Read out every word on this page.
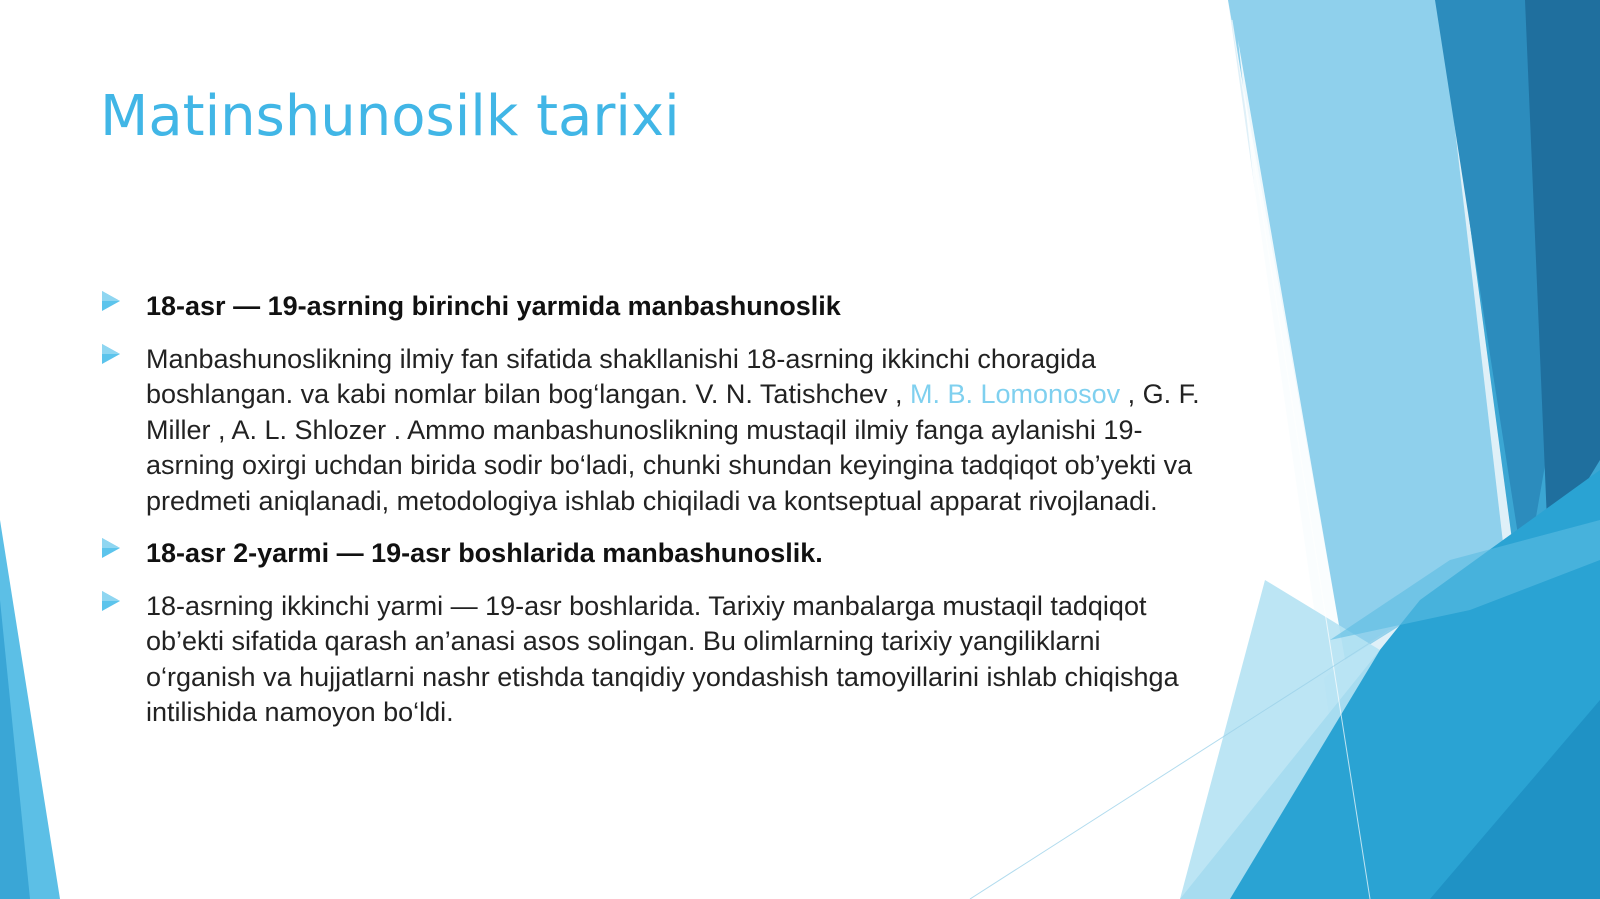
Matinshunosilk tarixi
18-asr — 19-asrning birinchi yarmida manbashunoslik
Manbashunoslikning ilmiy fan sifatida shakllanishi 18-asrning ikkinchi choragida boshlangan. va kabi nomlar bilan bog‘langan. V. N. Tatishchev , M. B. Lomonosov , G. F. Miller , A. L. Shlozer . Ammo manbashunoslikning mustaqil ilmiy fanga aylanishi 19-asrning oxirgi uchdan birida sodir bo‘ladi, chunki shundan keyingina tadqiqot ob’yekti va predmeti aniqlanadi, metodologiya ishlab chiqiladi va kontseptual apparat rivojlanadi.
18-asr 2-yarmi — 19-asr boshlarida manbashunoslik.
18-asrning ikkinchi yarmi — 19-asr boshlarida. Tarixiy manbalarga mustaqil tadqiqot ob’ekti sifatida qarash an’anasi asos solingan. Bu olimlarning tarixiy yangiliklarni o‘rganish va hujjatlarni nashr etishda tanqidiy yondashish tamoyillarini ishlab chiqishga intilishida namoyon bo‘ldi.
